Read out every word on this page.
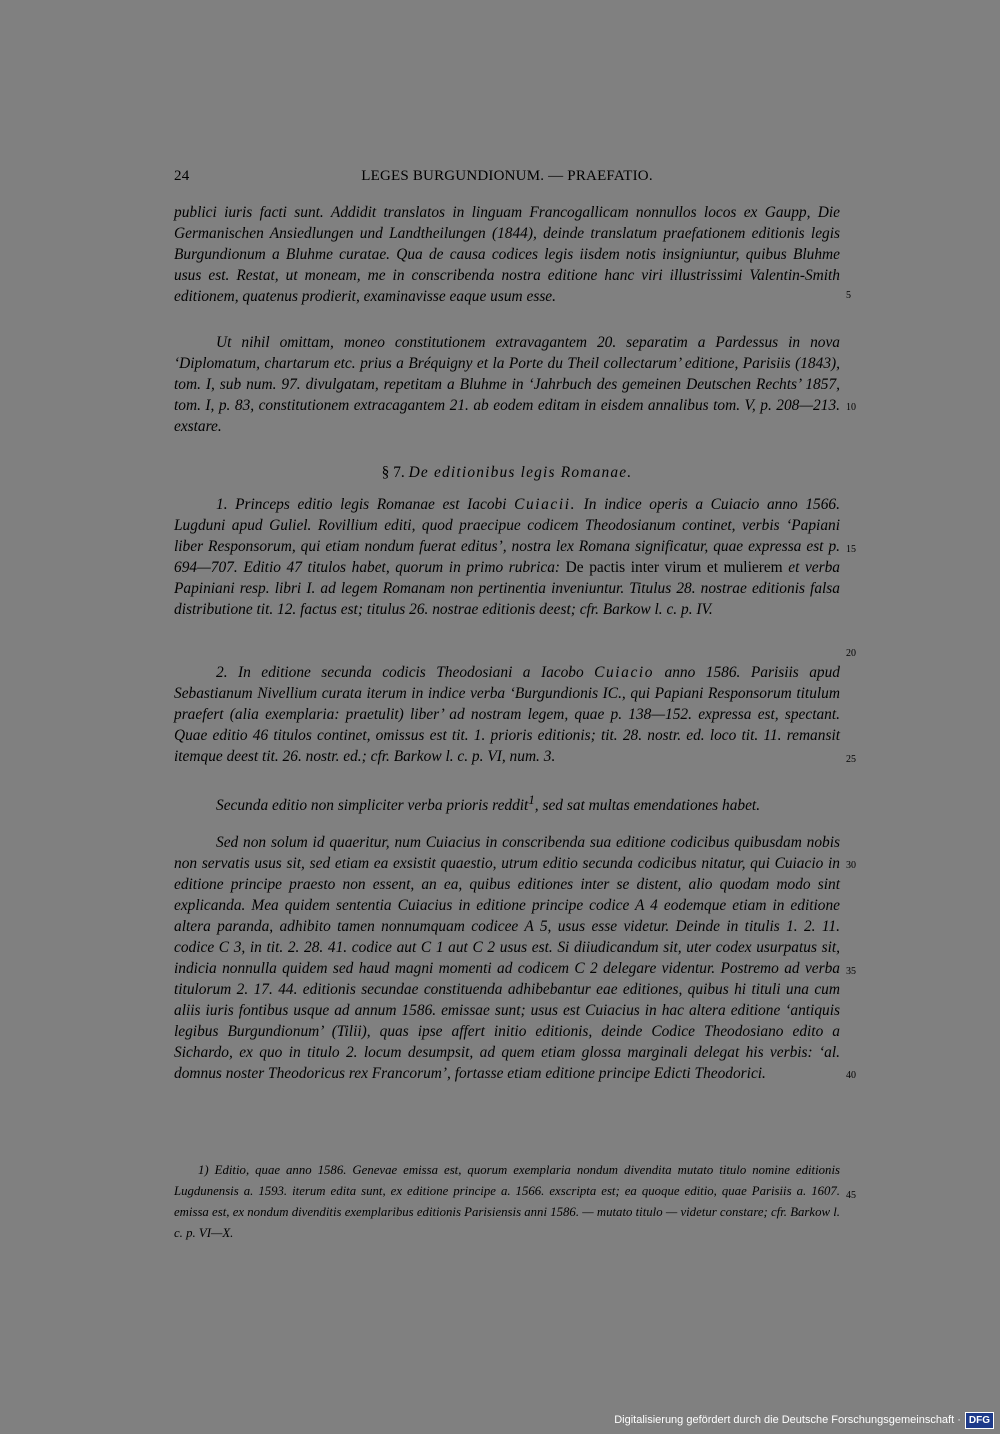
24	LEGES BURGUNDIONUM. — PRAEFATIO.

publici iuris facti sunt. Addidit translatos in linguam Francogallicam nonnullos locos ex Gaupp, Die Germanischen Ansiedlungen und Landtheilungen (1844), deinde translatum praefationem editionis legis Burgundionum a Bluhme curatae. Qua de causa codices legis iisdem notis insigniuntur, quibus Bluhme usus est. Restat, ut moneam, me in conscribenda nostra editione hanc viri illustrissimi Valentin-Smith editionem, quatenus prodierit, examinavisse eaque usum esse.

Ut nihil omittam, moneo constitutionem extravagantem 20. separatim a Pardessus in nova ‘Diplomatum, chartarum etc. prius a Bréquigny et la Porte du Theil collectarum’ editione, Parisiis (1843), tom. I, sub num. 97. divulgatam, repetitam a Bluhme in ‘Jahrbuch des gemeinen Deutschen Rechts’ 1857, tom. I, p. 83, constitutionem extracagantem 21. ab eodem editam in eisdem annalibus tom. V, p. 208—213. exstare.

§ 7. De editionibus legis Romanae.

1. Princeps editio legis Romanae est Iacobi Cuiacii. In indice operis a Cuiacio anno 1566. Lugduni apud Guliel. Rovillium editi, quod praecipue codicem Theodosianum continet, verbis ‘Papiani liber Responsorum, qui etiam nondum fuerat editus’, nostra lex Romana significatur, quae expressa est p. 694—707. Editio 47 titulos habet, quorum in primo rubrica: De pactis inter virum et mulierem et verba Papiniani resp. libri I. ad legem Romanam non pertinentia inveniuntur. Titulus 28. nostrae editionis falsa distributione tit. 12. factus est; titulus 26. nostrae editionis deest; cfr. Barkow l. c. p. IV.

2. In editione secunda codicis Theodosiani a Iacobo Cuiacio anno 1586. Parisiis apud Sebastianum Nivellium curata iterum in indice verba ‘Burgundionis IC., qui Papiani Responsorum titulum praefert (alia exemplaria: praetulit) liber’ ad nostram legem, quae p. 138—152. expressa est, spectant. Quae editio 46 titulos continet, omissus est tit. 1. prioris editionis; tit. 28. nostr. ed. loco tit. 11. remansit itemque deest tit. 26. nostr. ed.; cfr. Barkow l. c. p. VI, num. 3.

Secunda editio non simpliciter verba prioris reddit$^1$, sed sat multas emendationes habet.

Sed non solum id quaeritur, num Cuiacius in conscribenda sua editione codicibus quibusdam nobis non servatis usus sit, sed etiam ea exsistit quaestio, utrum editio secunda codicibus nitatur, qui Cuiacio in editione principe praesto non essent, an ea, quibus editiones inter se distent, alio quodam modo sint explicanda. Mea quidem sententia Cuiacius in editione principe codice A 4 eodemque etiam in editione altera paranda, adhibito tamen nonnumquam codicee A 5, usus esse videtur. Deinde in titulis 1. 2. 11. codice C 3, in tit. 2. 28. 41. codice aut C 1 aut C 2 usus est. Si diiudicandum sit, uter codex usurpatus sit, indicia nonnulla quidem sed haud magni momenti ad codicem C 2 delegare videntur. Postremo ad verba titulorum 2. 17. 44. editionis secundae constituenda adhibebantur eae editiones, quibus hi tituli una cum aliis iuris fontibus usque ad annum 1586. emissae sunt; usus est Cuiacius in hac altera editione ‘antiquis legibus Burgundionum’ (Tilii), quas ipse affert initio editionis, deinde Codice Theodosiano edito a Sichardo, ex quo in titulo 2. locum desumpsit, ad quem etiam glossa marginali delegat his verbis: ‘al. domnus noster Theodoricus rex Francorum’, fortasse etiam editione principe Edicti Theodorici.

1) Editio, quae anno 1586. Genevae emissa est, quorum exemplaria nondum divendita mutato titulo nomine editionis Lugdunensis a. 1593. iterum edita sunt, ex editione principe a. 1566. exscripta est; ea quoque editio, quae Parisiis a. 1607. emissa est, ex nondum divenditis exemplaribus editionis Parisiensis anni 1586. — mutato titulo — videtur constare; cfr. Barkow l. c. p. VI—X.

5
10
15
20
25
30
35
40
45
Digitalisierung gefördert durch die Deutsche Forschungsgemeinschaft · DFG
